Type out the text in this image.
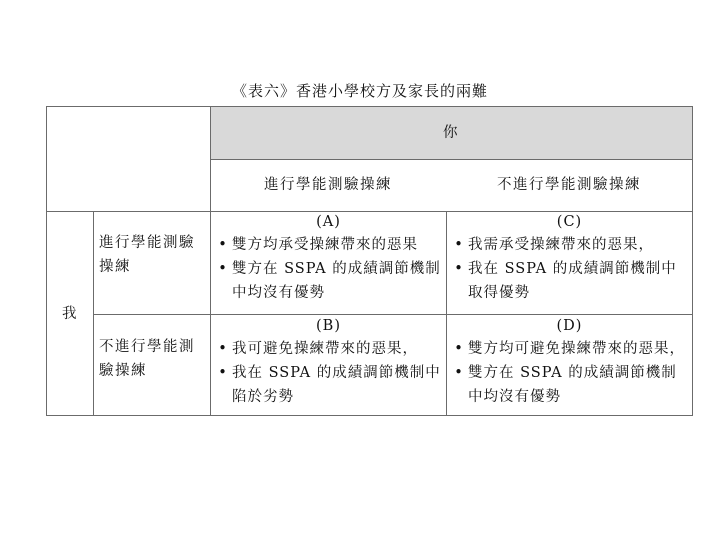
《表六》香港小學校方及家長的兩難
你
進行學能測驗操練	不進行學能測驗操練
我
進行學能測驗操練
不進行學能測驗操練
(A)
• 雙方均承受操練帶來的惡果
• 雙方在 SSPA 的成績調節機制中均沒有優勢
(C)
• 我需承受操練帶來的惡果，
• 我在 SSPA 的成績調節機制中取得優勢
(B)
• 我可避免操練帶來的惡果，
• 我在 SSPA 的成績調節機制中陷於劣勢
(D)
• 雙方均可避免操練帶來的惡果，
• 雙方在 SSPA 的成績調節機制中均沒有優勢
